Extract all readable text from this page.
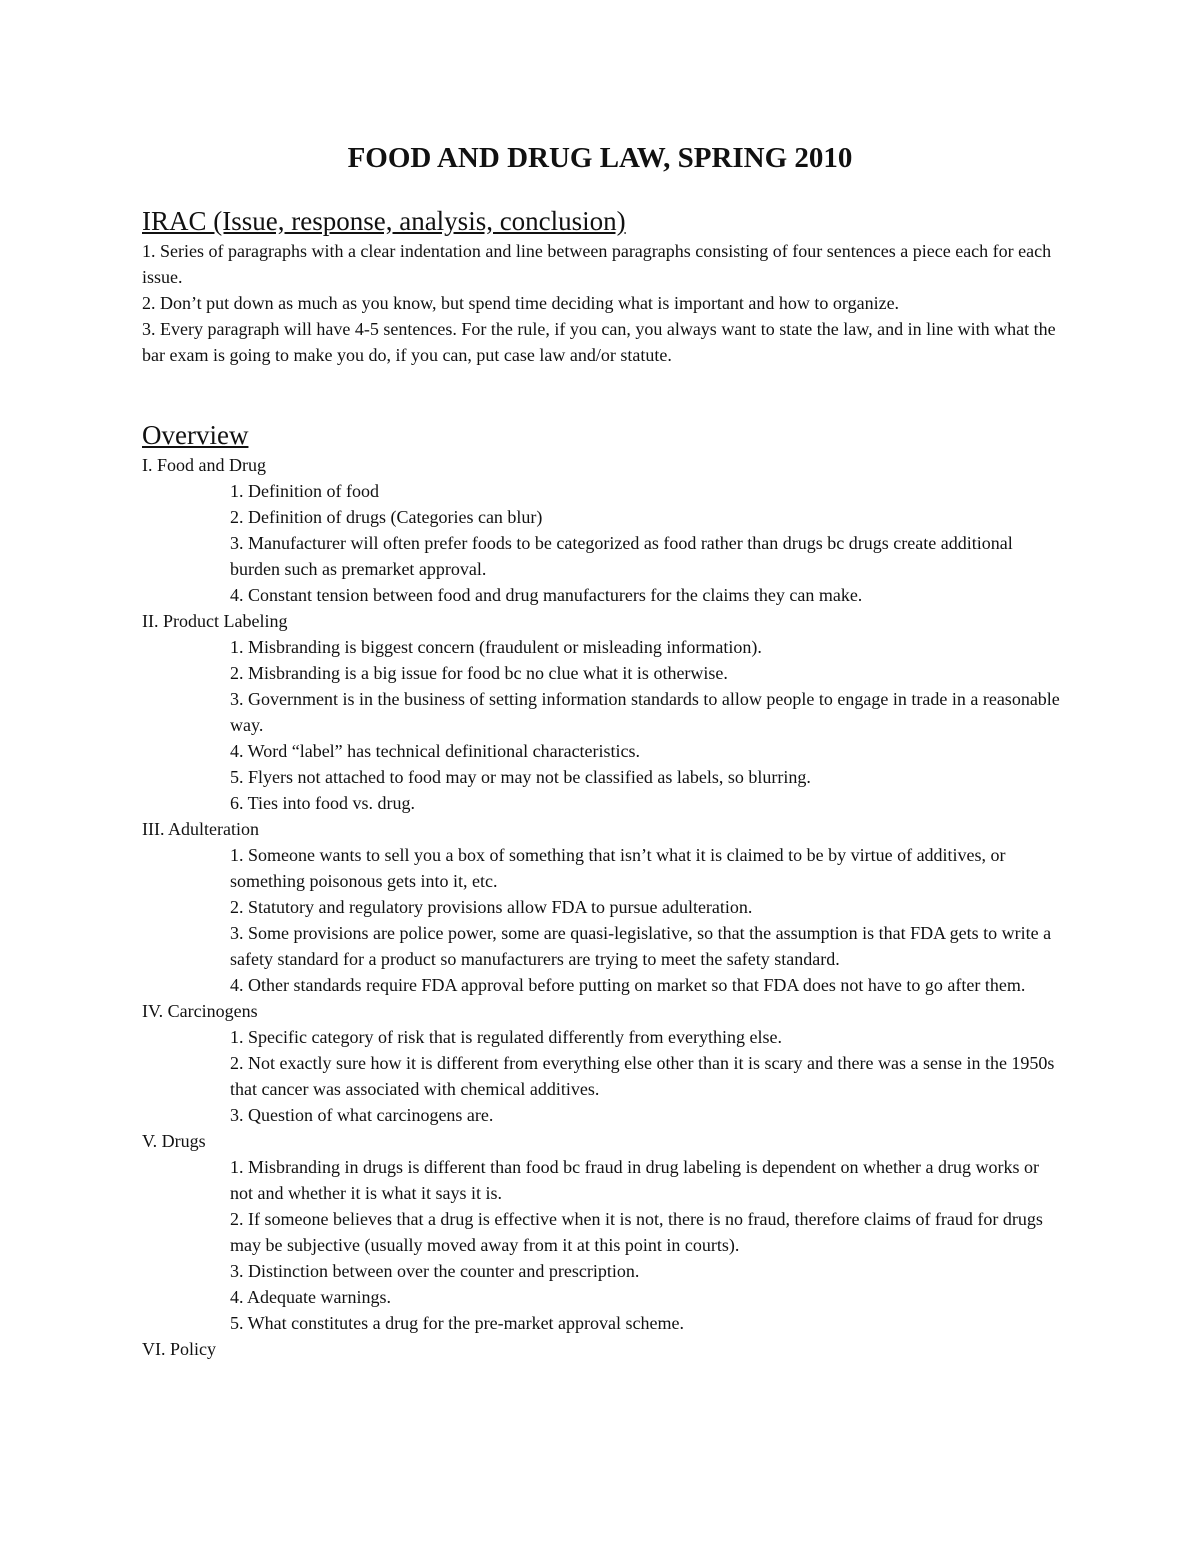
FOOD AND DRUG LAW, SPRING 2010
IRAC (Issue, response, analysis, conclusion)

1. Series of paragraphs with a clear indentation and line between paragraphs consisting of four sentences a piece each for each issue.

2. Don’t put down as much as you know, but spend time deciding what is important and how to organize.

3. Every paragraph will have 4-5 sentences. For the rule, if you can, you always want to state the law, and in line with what the bar exam is going to make you do, if you can, put case law and/or statute.

Overview

I. Food and Drug

1. Definition of food

2. Definition of drugs (Categories can blur)

3. Manufacturer will often prefer foods to be categorized as food rather than drugs bc drugs create additional burden such as premarket approval.

4. Constant tension between food and drug manufacturers for the claims they can make.

II. Product Labeling

1. Misbranding is biggest concern (fraudulent or misleading information).

2. Misbranding is a big issue for food bc no clue what it is otherwise.

3. Government is in the business of setting information standards to allow people to engage in trade in a reasonable way.

4. Word “label” has technical definitional characteristics.

5. Flyers not attached to food may or may not be classified as labels, so blurring.

6. Ties into food vs. drug.

III. Adulteration

1. Someone wants to sell you a box of something that isn’t what it is claimed to be by virtue of additives, or something poisonous gets into it, etc.

2. Statutory and regulatory provisions allow FDA to pursue adulteration.

3. Some provisions are police power, some are quasi-legislative, so that the assumption is that FDA gets to write a safety standard for a product so manufacturers are trying to meet the safety standard.

4. Other standards require FDA approval before putting on market so that FDA does not have to go after them.

IV. Carcinogens

1. Specific category of risk that is regulated differently from everything else.

2. Not exactly sure how it is different from everything else other than it is scary and there was a sense in the 1950s that cancer was associated with chemical additives.

3. Question of what carcinogens are.

V. Drugs

1. Misbranding in drugs is different than food bc fraud in drug labeling is dependent on whether a drug works or not and whether it is what it says it is.

2. If someone believes that a drug is effective when it is not, there is no fraud, therefore claims of fraud for drugs may be subjective (usually moved away from it at this point in courts).

3. Distinction between over the counter and prescription.

4. Adequate warnings.

5. What constitutes a drug for the pre-market approval scheme.

VI. Policy
